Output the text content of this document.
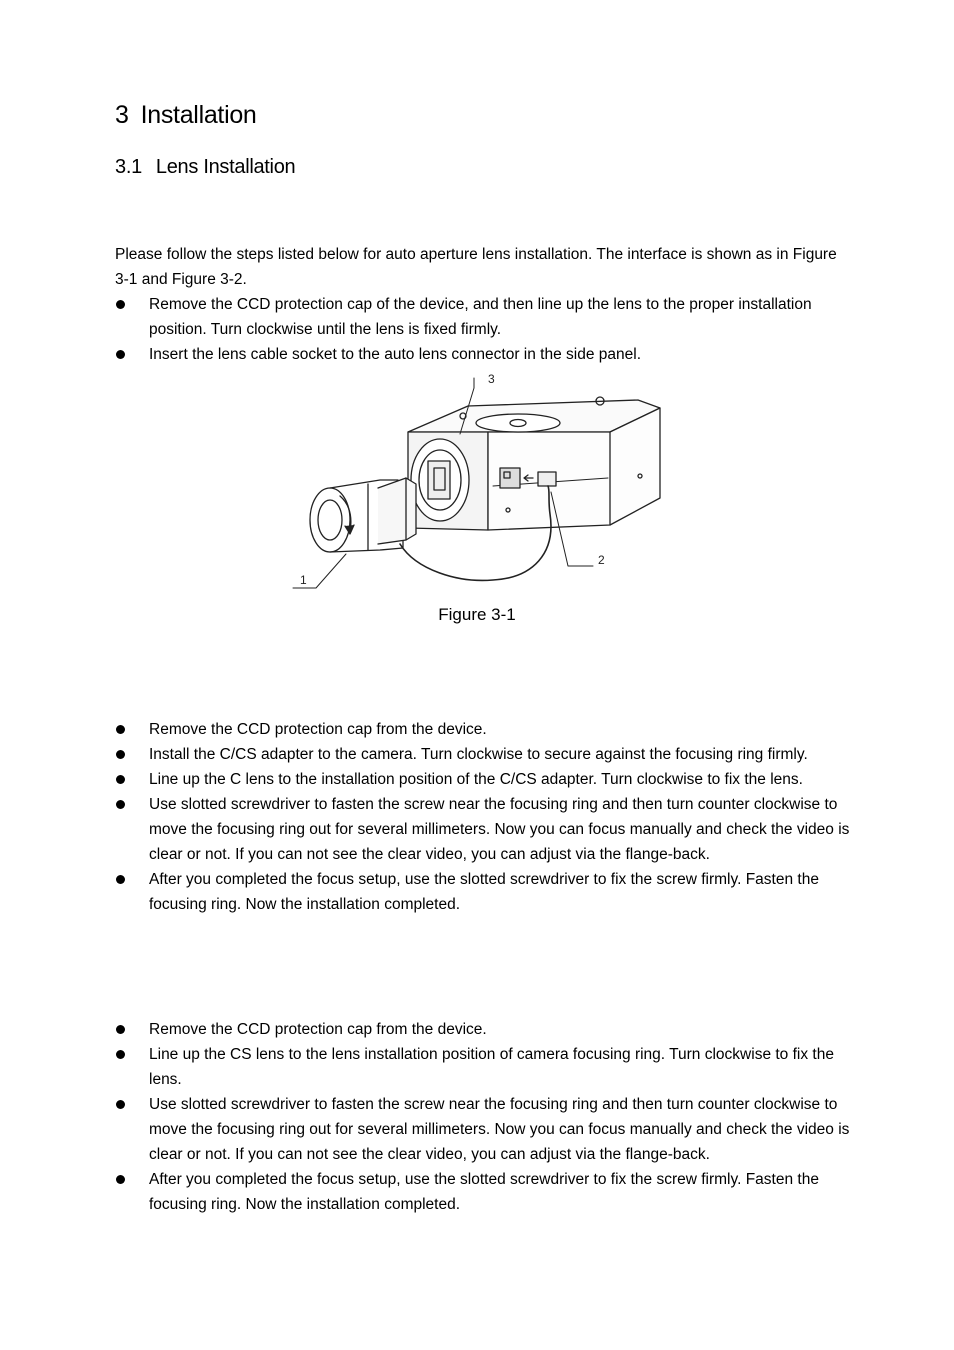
3 Installation
3.1 Lens Installation
Please follow the steps listed below for auto aperture lens installation. The interface is shown as in Figure 3-1 and Figure 3-2.
Remove the CCD protection cap of the device, and then line up the lens to the proper installation position. Turn clockwise until the lens is fixed firmly.
Insert the lens cable socket to the auto lens connector in the side panel.
1
2
3
Figure 3-1
Remove the CCD protection cap from the device.
Install the C/CS adapter to the camera. Turn clockwise to secure against the focusing ring firmly.
Line up the C lens to the installation position of the C/CS adapter. Turn clockwise to fix the lens.
Use slotted screwdriver to fasten the screw near the focusing ring and then turn counter clockwise to move the focusing ring out for several millimeters. Now you can focus manually and check the video is clear or not. If you can not see the clear video, you can adjust via the flange-back.
After you completed the focus setup, use the slotted screwdriver to fix the screw firmly. Fasten the focusing ring. Now the installation completed.
Remove the CCD protection cap from the device.
Line up the CS lens to the lens installation position of camera focusing ring. Turn clockwise to fix the lens.
Use slotted screwdriver to fasten the screw near the focusing ring and then turn counter clockwise to move the focusing ring out for several millimeters. Now you can focus manually and check the video is clear or not. If you can not see the clear video, you can adjust via the flange-back.
After you completed the focus setup, use the slotted screwdriver to fix the screw firmly. Fasten the focusing ring. Now the installation completed.
